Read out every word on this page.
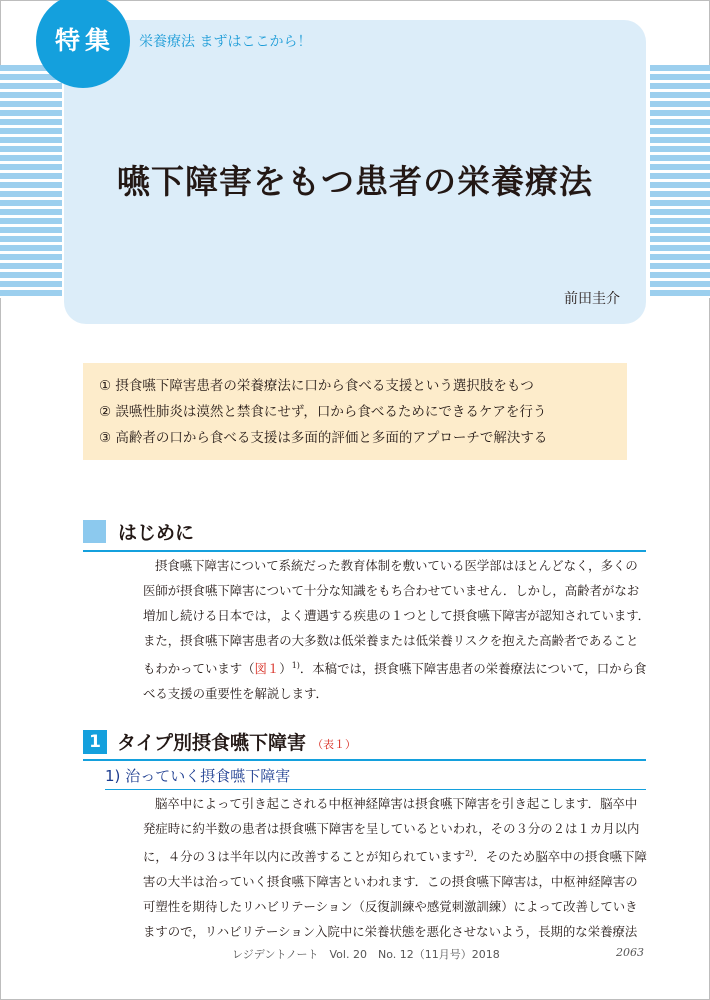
特集	栄養療法 まずはここから！
嚥下障害をもつ患者の栄養療法
前田圭介
① 摂食嚥下障害患者の栄養療法に口から食べる支援という選択肢をもつ
② 誤嚥性肺炎は漠然と禁食にせず，口から食べるためにできるケアを行う
③ 高齢者の口から食べる支援は多面的評価と多面的アプローチで解決する
はじめに

摂食嚥下障害について系統だった教育体制を敷いている医学部はほとんどなく，多くの

医師が摂食嚥下障害について十分な知識をもち合わせていません．しかし，高齢者がなお

増加し続ける日本では，よく遭遇する疾患の１つとして摂食嚥下障害が認知されています．

また，摂食嚥下障害患者の大多数は低栄養または低栄養リスクを抱えた高齢者であること

もわかっています（図１）$^{1)}$．本稿では，摂食嚥下障害患者の栄養療法について，口から食

べる支援の重要性を解説します．

1 タイプ別摂食嚥下障害 （表１）
1) 治っていく摂食嚥下障害

脳卒中によって引き起こされる中枢神経障害は摂食嚥下障害を引き起こします．脳卒中

発症時に約半数の患者は摂食嚥下障害を呈しているといわれ，その３分の２は１カ月以内

に，４分の３は半年以内に改善することが知られています$^{2)}$．そのため脳卒中の摂食嚥下障

害の大半は治っていく摂食嚥下障害といわれます．この摂食嚥下障害は，中枢神経障害の

可塑性を期待したリハビリテーション（反復訓練や感覚刺激訓練）によって改善していき

ますので，リハビリテーション入院中に栄養状態を悪化させないよう，長期的な栄養療法

レジデントノート　Vol. 20　No. 12（11月号）2018	2063
